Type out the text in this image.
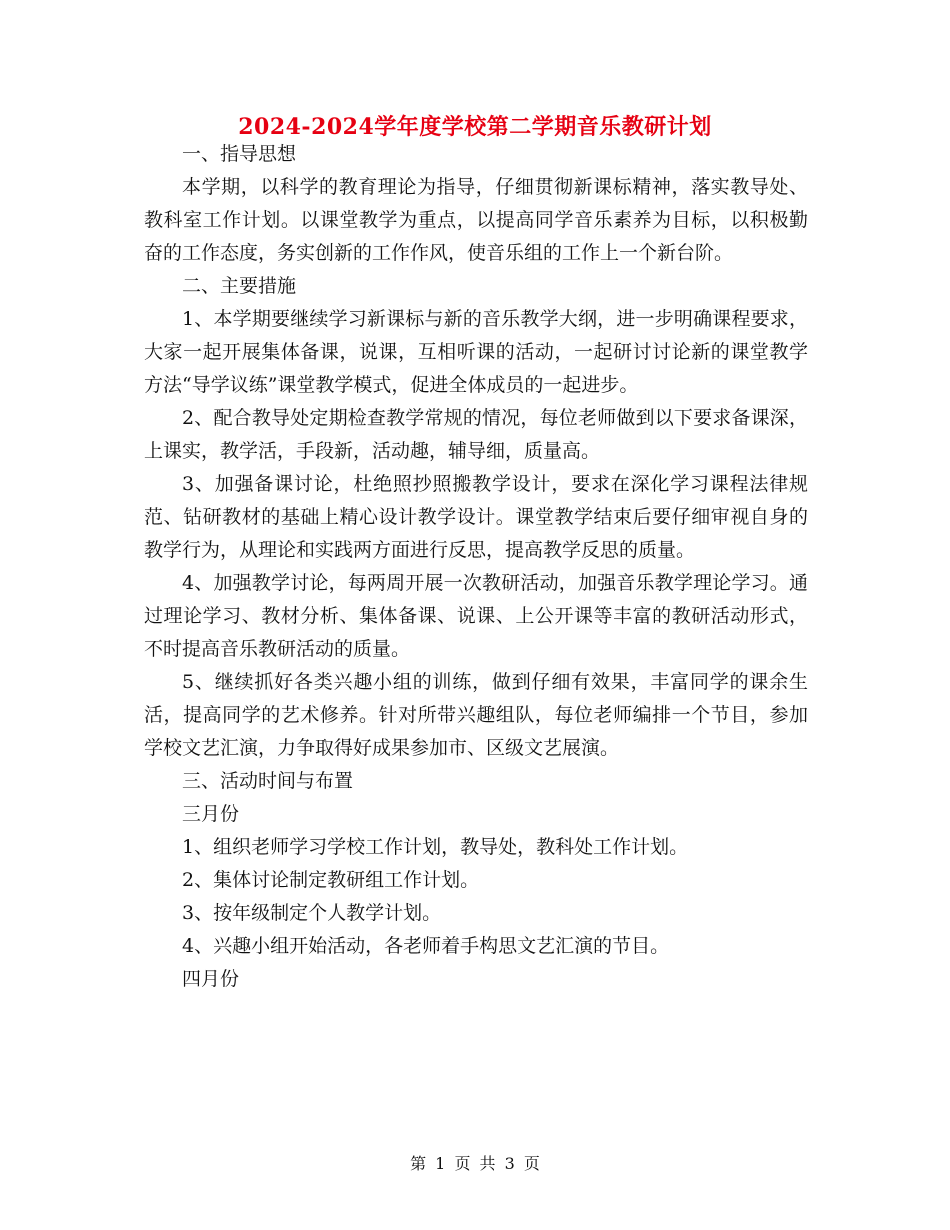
2024-2024学年度学校第二学期音乐教研计划

一、指导思想

本学期，以科学的教育理论为指导，仔细贯彻新课标精神，落实教导处、教科室工作计划。以课堂教学为重点，以提高同学音乐素养为目标，以积极勤奋的工作态度，务实创新的工作作风，使音乐组的工作上一个新台阶。

二、主要措施

1、本学期要继续学习新课标与新的音乐教学大纲，进一步明确课程要求，大家一起开展集体备课，说课，互相听课的活动，一起研讨讨论新的课堂教学方法“导学议练”课堂教学模式，促进全体成员的一起进步。

2、配合教导处定期检查教学常规的情况，每位老师做到以下要求备课深，上课实，教学活，手段新，活动趣，辅导细，质量高。

3、加强备课讨论，杜绝照抄照搬教学设计，要求在深化学习课程法律规范、钻研教材的基础上精心设计教学设计。课堂教学结束后要仔细审视自身的教学行为，从理论和实践两方面进行反思，提高教学反思的质量。

4、加强教学讨论，每两周开展一次教研活动，加强音乐教学理论学习。通过理论学习、教材分析、集体备课、说课、上公开课等丰富的教研活动形式，不时提高音乐教研活动的质量。

5、继续抓好各类兴趣小组的训练，做到仔细有效果，丰富同学的课余生活，提高同学的艺术修养。针对所带兴趣组队，每位老师编排一个节目，参加学校文艺汇演，力争取得好成果参加市、区级文艺展演。

三、活动时间与布置

三月份

1、组织老师学习学校工作计划，教导处，教科处工作计划。

2、集体讨论制定教研组工作计划。

3、按年级制定个人教学计划。

4、兴趣小组开始活动，各老师着手构思文艺汇演的节目。

四月份

第 1 页 共 3 页
